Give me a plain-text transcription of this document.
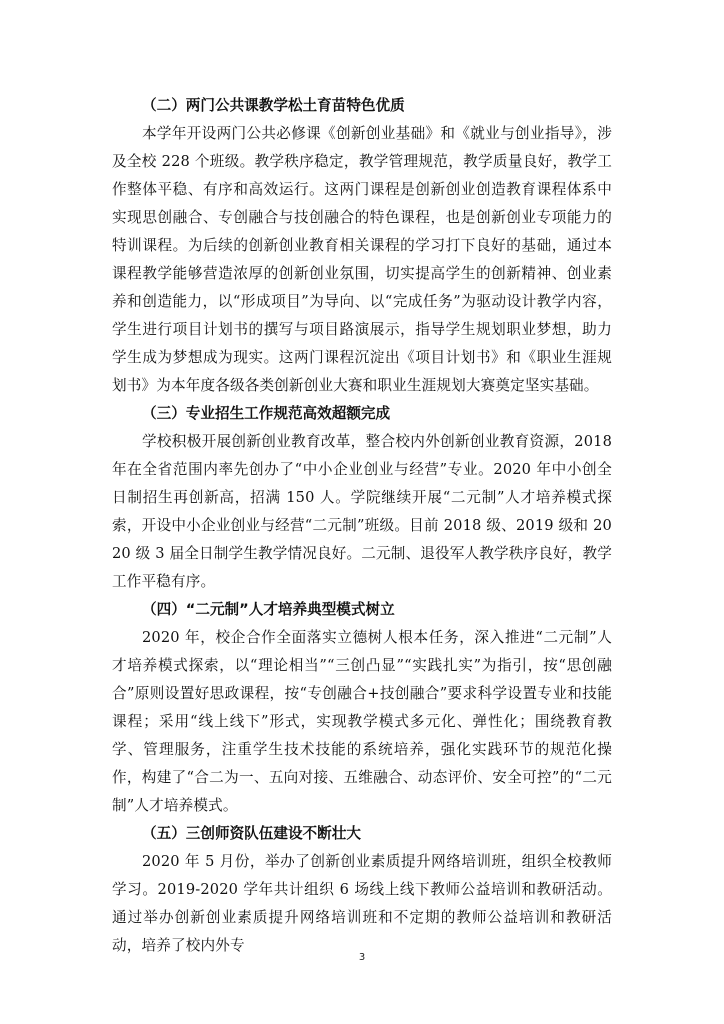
（二）两门公共课教学松土育苗特色优质

本学年开设两门公共必修课《创新创业基础》和《就业与创业指导》，涉及全校 228 个班级。教学秩序稳定，教学管理规范，教学质量良好，教学工作整体平稳、有序和高效运行。这两门课程是创新创业创造教育课程体系中实现思创融合、专创融合与技创融合的特色课程，也是创新创业专项能力的特训课程。为后续的创新创业教育相关课程的学习打下良好的基础，通过本课程教学能够营造浓厚的创新创业氛围，切实提高学生的创新精神、创业素养和创造能力，以“形成项目”为导向、以“完成任务”为驱动设计教学内容，学生进行项目计划书的撰写与项目路演展示，指导学生规划职业梦想，助力学生成为梦想成为现实。这两门课程沉淀出《项目计划书》和《职业生涯规划书》为本年度各级各类创新创业大赛和职业生涯规划大赛奠定坚实基础。

（三）专业招生工作规范高效超额完成

学校积极开展创新创业教育改革，整合校内外创新创业教育资源，2018 年在全省范围内率先创办了“中小企业创业与经营”专业。2020 年中小创全日制招生再创新高，招满 150 人。学院继续开展“二元制”人才培养模式探索，开设中小企业创业与经营“二元制”班级。目前 2018 级、2019 级和 2020 级 3 届全日制学生教学情况良好。二元制、退役军人教学秩序良好，教学工作平稳有序。

（四）“二元制”人才培养典型模式树立

2020 年，校企合作全面落实立德树人根本任务，深入推进“二元制”人才培养模式探索，以“理论相当”“三创凸显”“实践扎实”为指引，按“思创融合”原则设置好思政课程，按“专创融合+技创融合”要求科学设置专业和技能课程；采用“线上线下”形式，实现教学模式多元化、弹性化；围绕教育教学、管理服务，注重学生技术技能的系统培养，强化实践环节的规范化操作，构建了“合二为一、五向对接、五维融合、动态评价、安全可控”的“二元制”人才培养模式。

（五）三创师资队伍建设不断壮大

2020 年 5 月份，举办了创新创业素质提升网络培训班，组织全校教师学习。2019-2020 学年共计组织 6 场线上线下教师公益培训和教研活动。通过举办创新创业素质提升网络培训班和不定期的教师公益培训和教研活动，培养了校内外专

3
